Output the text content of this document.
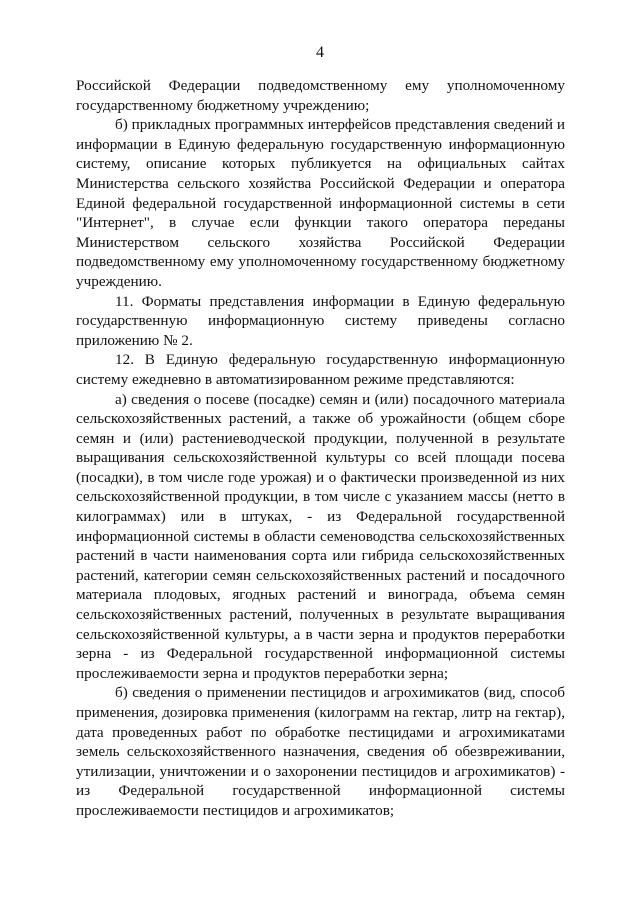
4

Российской Федерации подведомственному ему уполномоченному государственному бюджетному учреждению;

б) прикладных программных интерфейсов представления сведений и информации в Единую федеральную государственную информационную систему, описание которых публикуется на официальных сайтах Министерства сельского хозяйства Российской Федерации и оператора Единой федеральной государственной информационной системы в сети "Интернет", в случае если функции такого оператора переданы Министерством сельского хозяйства Российской Федерации подведомственному ему уполномоченному государственному бюджетному учреждению.

11. Форматы представления информации в Единую федеральную государственную информационную систему приведены согласно приложению № 2.

12. В Единую федеральную государственную информационную систему ежедневно в автоматизированном режиме представляются:

а) сведения о посеве (посадке) семян и (или) посадочного материала сельскохозяйственных растений, а также об урожайности (общем сборе семян и (или) растениеводческой продукции, полученной в результате выращивания сельскохозяйственной культуры со всей площади посева (посадки), в том числе годе урожая) и о фактически произведенной из них сельскохозяйственной продукции, в том числе с указанием массы (нетто в килограммах) или в штуках, - из Федеральной государственной информационной системы в области семеноводства сельскохозяйственных растений в части наименования сорта или гибрида сельскохозяйственных растений, категории семян сельскохозяйственных растений и посадочного материала плодовых, ягодных растений и винограда, объема семян сельскохозяйственных растений, полученных в результате выращивания сельскохозяйственной культуры, а в части зерна и продуктов переработки зерна - из Федеральной государственной информационной системы прослеживаемости зерна и продуктов переработки зерна;

б) сведения о применении пестицидов и агрохимикатов (вид, способ применения, дозировка применения (килограмм на гектар, литр на гектар), дата проведенных работ по обработке пестицидами и агрохимикатами земель сельскохозяйственного назначения, сведения об обезвреживании, утилизации, уничтожении и о захоронении пестицидов и агрохимикатов) - из Федеральной государственной информационной системы прослеживаемости пестицидов и агрохимикатов;
